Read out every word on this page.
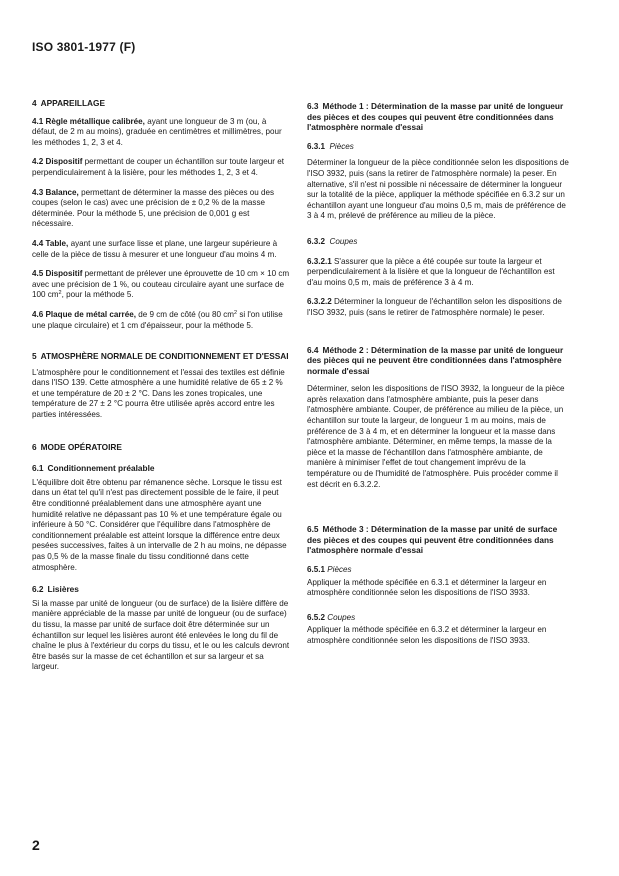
ISO 3801-1977 (F)

4 APPAREILLAGE

4.1 Règle métallique calibrée, ayant une longueur de 3 m (ou, à défaut, de 2 m au moins), graduée en centimètres et millimètres, pour les méthodes 1, 2, 3 et 4.

4.2 Dispositif permettant de couper un échantillon sur toute largeur et perpendiculairement à la lisière, pour les méthodes 1, 2, 3 et 4.

4.3 Balance, permettant de déterminer la masse des pièces ou des coupes (selon le cas) avec une précision de ± 0,2 % de la masse déterminée. Pour la méthode 5, une précision de 0,001 g est nécessaire.

4.4 Table, ayant une surface lisse et plane, une largeur supérieure à celle de la pièce de tissu à mesurer et une longueur d'au moins 4 m.

4.5 Dispositif permettant de prélever une éprouvette de 10 cm × 10 cm avec une précision de 1 %, ou couteau circulaire ayant une surface de 100 $cm^2$, pour la méthode 5.

4.6 Plaque de métal carrée, de 9 cm de côté (ou 80 $cm^2$ si l'on utilise une plaque circulaire) et 1 cm d'épaisseur, pour la méthode 5.

5 ATMOSPHÈRE NORMALE DE CONDITIONNEMENT ET D'ESSAI

L'atmosphère pour le conditionnement et l'essai des textiles est définie dans l'ISO 139. Cette atmosphère a une humidité relative de 65 ± 2 % et une température de 20 ± 2 °C. Dans les zones tropicales, une température de 27 ± 2 °C pourra être utilisée après accord entre les parties intéressées.

6 MODE OPÉRATOIRE

6.1 Conditionnement préalable

L'équilibre doit être obtenu par rémanence sèche. Lorsque le tissu est dans un état tel qu'il n'est pas directement possible de le faire, il peut être conditionné préalablement dans une atmosphère ayant une humidité relative ne dépassant pas 10 % et une température égale ou inférieure à 50 °C. Considérer que l'équilibre dans l'atmosphère de conditionnement préalable est atteint lorsque la différence entre deux pesées successives, faites à un intervalle de 2 h au moins, ne dépasse pas 0,5 % de la masse finale du tissu conditionné dans cette atmosphère.

6.2 Lisières

Si la masse par unité de longueur (ou de surface) de la lisière diffère de manière appréciable de la masse par unité de longueur (ou de surface) du tissu, la masse par unité de surface doit être déterminée sur un échantillon sur lequel les lisières auront été enlevées le long du fil de chaîne le plus à l'extérieur du corps du tissu, et le ou les calculs devront être basés sur la masse de cet échantillon et sur sa largeur et sa largeur.

6.3 Méthode 1 : Détermination de la masse par unité de longueur des pièces et des coupes qui peuvent être conditionnées dans l'atmosphère normale d'essai

6.3.1 Pièces

Déterminer la longueur de la pièce conditionnée selon les dispositions de l'ISO 3932, puis (sans la retirer de l'atmosphère normale) la peser. En alternative, s'il n'est ni possible ni nécessaire de déterminer la longueur sur la totalité de la pièce, appliquer la méthode spécifiée en 6.3.2 sur un échantillon ayant une longueur d'au moins 0,5 m, mais de préférence de 3 à 4 m, prélevé de préférence au milieu de la pièce.

6.3.2 Coupes

6.3.2.1 S'assurer que la pièce a été coupée sur toute la largeur et perpendiculairement à la lisière et que la longueur de l'échantillon est d'au moins 0,5 m, mais de préférence 3 à 4 m.

6.3.2.2 Déterminer la longueur de l'échantillon selon les dispositions de l'ISO 3932, puis (sans le retirer de l'atmosphère normale) le peser.

6.4 Méthode 2 : Détermination de la masse par unité de longueur des pièces qui ne peuvent être conditionnées dans l'atmosphère normale d'essai

Déterminer, selon les dispositions de l'ISO 3932, la longueur de la pièce après relaxation dans l'atmosphère ambiante, puis la peser dans l'atmosphère ambiante. Couper, de préférence au milieu de la pièce, un échantillon sur toute la largeur, de longueur 1 m au moins, mais de préférence de 3 à 4 m, et en déterminer la longueur et la masse dans l'atmosphère ambiante. Déterminer, en même temps, la masse de la pièce et la masse de l'échantillon dans l'atmosphère ambiante, de manière à minimiser l'effet de tout changement imprévu de la température ou de l'humidité de l'atmosphère. Puis procéder comme il est décrit en 6.3.2.2.

6.5 Méthode 3 : Détermination de la masse par unité de surface des pièces et des coupes qui peuvent être conditionnées dans l'atmosphère normale d'essai

6.5.1 Pièces

Appliquer la méthode spécifiée en 6.3.1 et déterminer la largeur en atmosphère conditionnée selon les dispositions de l'ISO 3933.

6.5.2 Coupes

Appliquer la méthode spécifiée en 6.3.2 et déterminer la largeur en atmosphère conditionnée selon les dispositions de l'ISO 3933.

2
